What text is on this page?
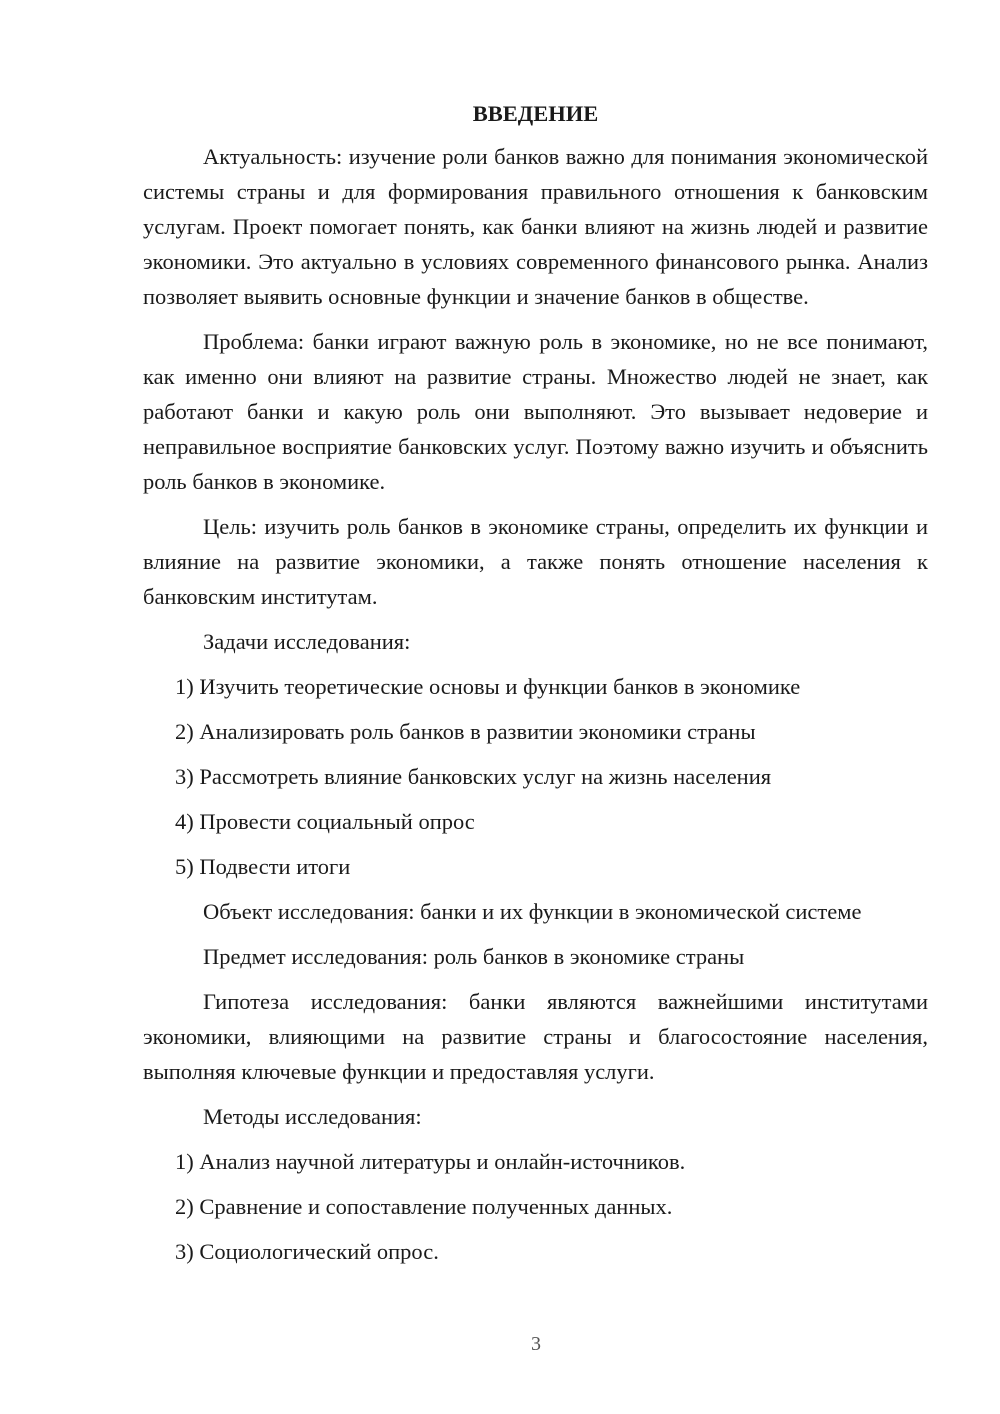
ВВЕДЕНИЕ

Актуальность: изучение роли банков важно для понимания экономической системы страны и для формирования правильного отношения к банковским услугам. Проект помогает понять, как банки влияют на жизнь людей и развитие экономики. Это актуально в условиях современного финансового рынка. Анализ позволяет выявить основные функции и значение банков в обществе.

Проблема: банки играют важную роль в экономике, но не все понимают, как именно они влияют на развитие страны. Множество людей не знает, как работают банки и какую роль они выполняют. Это вызывает недоверие и неправильное восприятие банковских услуг. Поэтому важно изучить и объяснить роль банков в экономике.

Цель: изучить роль банков в экономике страны, определить их функции и влияние на развитие экономики, а также понять отношение населения к банковским институтам.

Задачи исследования:
1) Изучить теоретические основы и функции банков в экономике
2) Анализировать роль банков в развитии экономики страны
3) Рассмотреть влияние банковских услуг на жизнь населения
4) Провести социальный опрос
5) Подвести итоги
Объект исследования: банки и их функции в экономической системе
Предмет исследования: роль банков в экономике страны

Гипотеза исследования: банки являются важнейшими институтами экономики, влияющими на развитие страны и благосостояние населения, выполняя ключевые функции и предоставляя услуги.

Методы исследования:
1) Анализ научной литературы и онлайн-источников.
2) Сравнение и сопоставление полученных данных.
3) Социологический опрос.
3
